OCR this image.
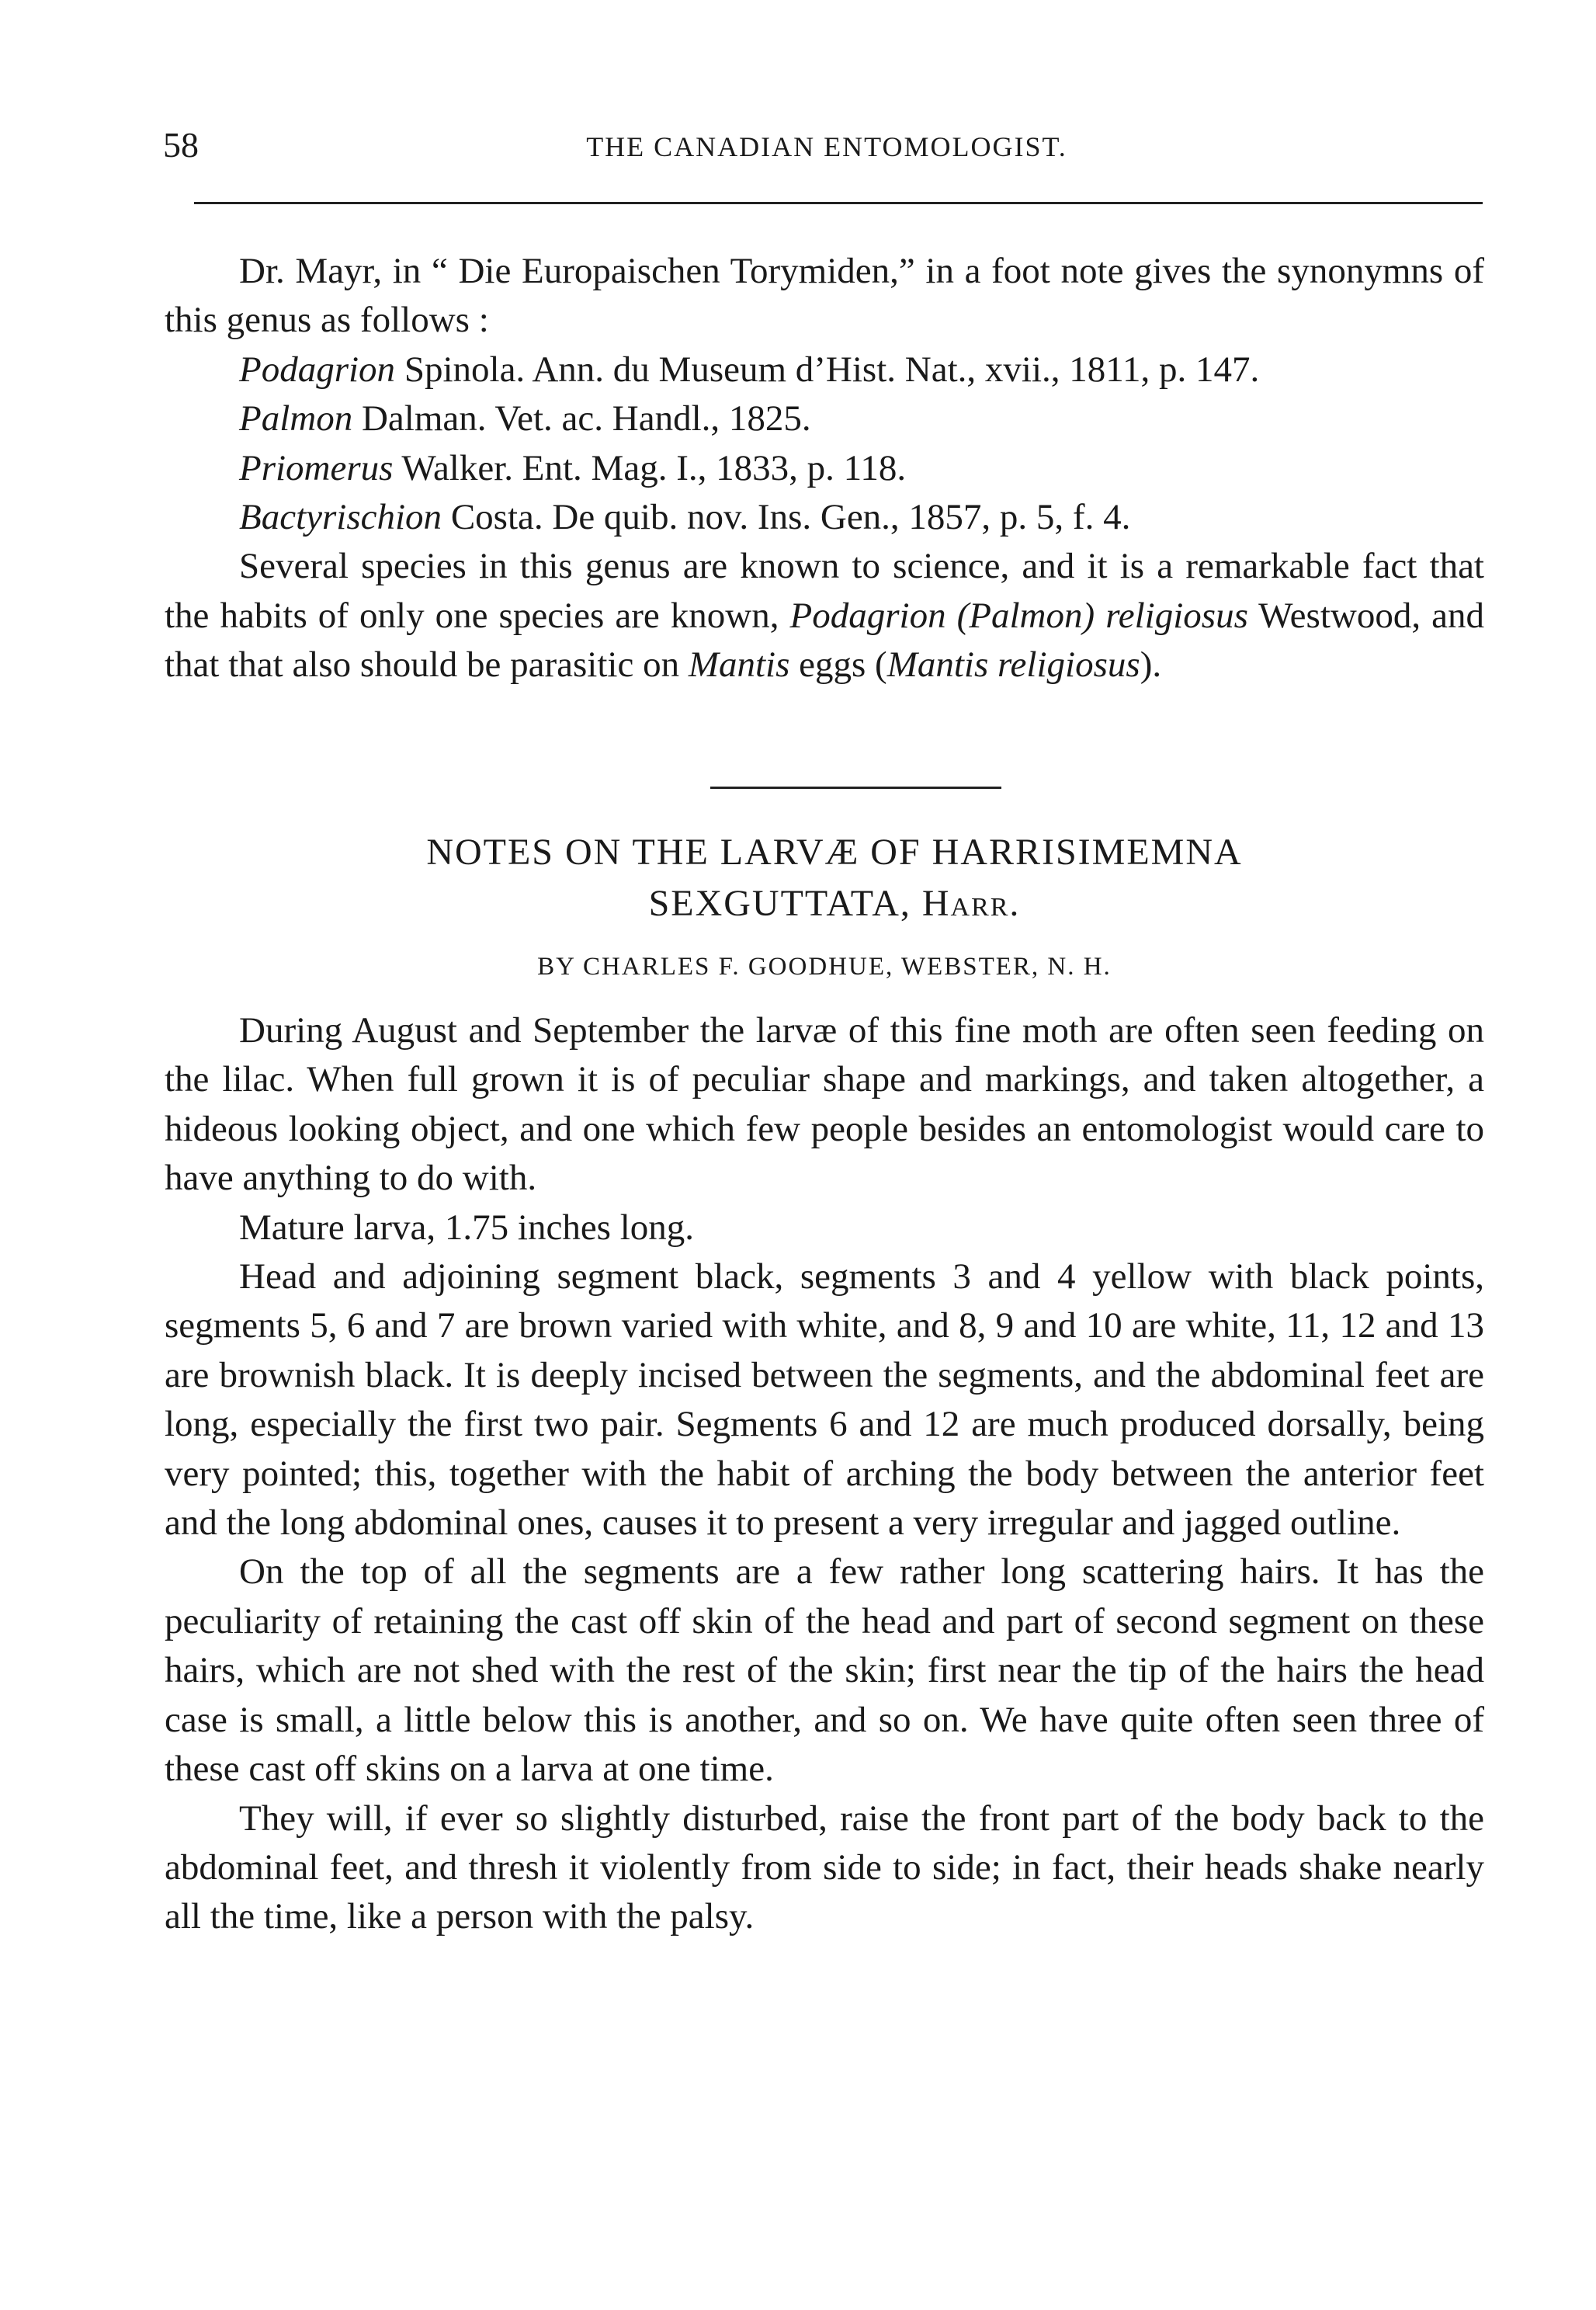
58	THE CANADIAN ENTOMOLOGIST.

Dr. Mayr, in “ Die Europaischen Torymiden,” in a foot note gives the synonymns of this genus as follows :

Podagrion Spinola. Ann. du Museum d’Hist. Nat., xvii., 1811, p. 147.

Palmon Dalman. Vet. ac. Handl., 1825.

Priomerus Walker. Ent. Mag. I., 1833, p. 118.

Bactyrischion Costa. De quib. nov. Ins. Gen., 1857, p. 5, f. 4.

Several species in this genus are known to science, and it is a remarkable fact that the habits of only one species are known, Podagrion (Palmon) religiosus Westwood, and that that also should be parasitic on Mantis eggs (Mantis religiosus).

NOTES ON THE LARVÆ OF HARRISIMEMNA
SEXGUTTATA, Harr.
BY CHARLES F. GOODHUE, WEBSTER, N. H.

During August and September the larvæ of this fine moth are often seen feeding on the lilac. When full grown it is of peculiar shape and markings, and taken altogether, a hideous looking object, and one which few people besides an entomologist would care to have anything to do with.

Mature larva, 1.75 inches long.

Head and adjoining segment black, segments 3 and 4 yellow with black points, segments 5, 6 and 7 are brown varied with white, and 8, 9 and 10 are white, 11, 12 and 13 are brownish black. It is deeply incised between the segments, and the abdominal feet are long, especially the first two pair. Segments 6 and 12 are much produced dorsally, being very pointed; this, together with the habit of arching the body between the anterior feet and the long abdominal ones, causes it to present a very irregular and jagged outline.

On the top of all the segments are a few rather long scattering hairs. It has the peculiarity of retaining the cast off skin of the head and part of second segment on these hairs, which are not shed with the rest of the skin; first near the tip of the hairs the head case is small, a little below this is another, and so on. We have quite often seen three of these cast off skins on a larva at one time.

They will, if ever so slightly disturbed, raise the front part of the body back to the abdominal feet, and thresh it violently from side to side; in fact, their heads shake nearly all the time, like a person with the palsy.
